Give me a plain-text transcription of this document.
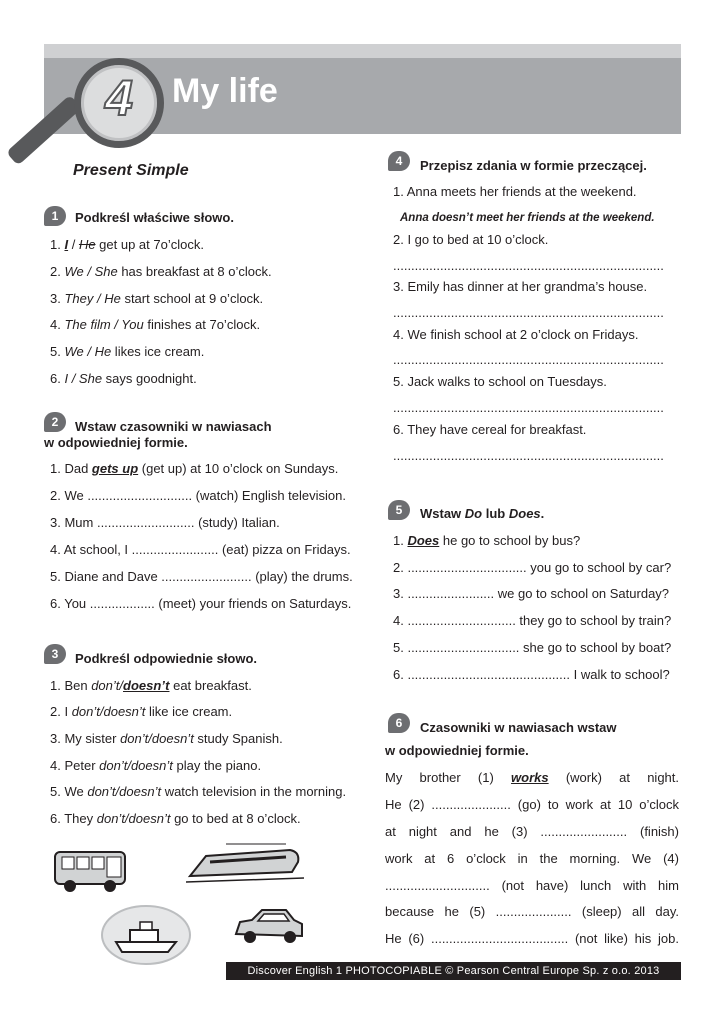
4	My life
Present Simple
1	Podkreśl właściwe słowo.
1. I / He get up at 7o’clock.
2. We / She has breakfast at 8 o’clock.
3. They / He start school at 9 o’clock.
4. The film / You finishes at 7o’clock.
5. We / He likes ice cream.
6. I / She says goodnight.
2	Wstaw czasowniki w nawiasach
w odpowiedniej formie.
1. Dad gets up (get up) at 10 o’clock on Sundays.
2. We ............................. (watch) English television.
3. Mum ........................... (study) Italian.
4. At school, I ........................ (eat) pizza on Fridays.
5. Diane and Dave ......................... (play) the drums.
6. You .................. (meet) your friends on Saturdays.
3	Podkreśl odpowiednie słowo.
1. Ben don’t/doesn’t eat breakfast.
2. I don’t/doesn’t like ice cream.
3. My sister don’t/doesn’t study Spanish.
4. Peter don’t/doesn’t play the piano.
5. We don’t/doesn’t watch television in the morning.
6. They don’t/doesn’t go to bed at 8 o’clock.
4	Przepisz zdania w formie przeczącej.
1. Anna meets her friends at the weekend.
Anna doesn’t meet her friends at the weekend.
2. I go to bed at 10 o’clock.
...........................................................................
3. Emily has dinner at her grandma’s house.
...........................................................................
4. We finish school at 2 o’clock on Fridays.
...........................................................................
5. Jack walks to school on Tuesdays.
...........................................................................
6. They have cereal for breakfast.
...........................................................................
5	Wstaw Do lub Does.
1. Does he go to school by bus?
2. ................................. you go to school by car?
3. ........................ we go to school on Saturday?
4. .............................. they go to school by train?
5. ............................... she go to school by boat?
6. ............................................. I walk to school?
6	Czasowniki w nawiasach wstaw
w odpowiedniej formie.
My brother (1) works (work) at night.
He (2) ...................... (go) to work at 10 o’clock
at night and he (3) ........................ (finish)
work at 6 o’clock in the morning. We (4)
............................. (not have) lunch with him
because he (5) ..................... (sleep) all day.
He (6) ...................................... (not like) his job.
Discover English 1 PHOTOCOPIABLE © Pearson Central Europe Sp. z o.o. 2013
